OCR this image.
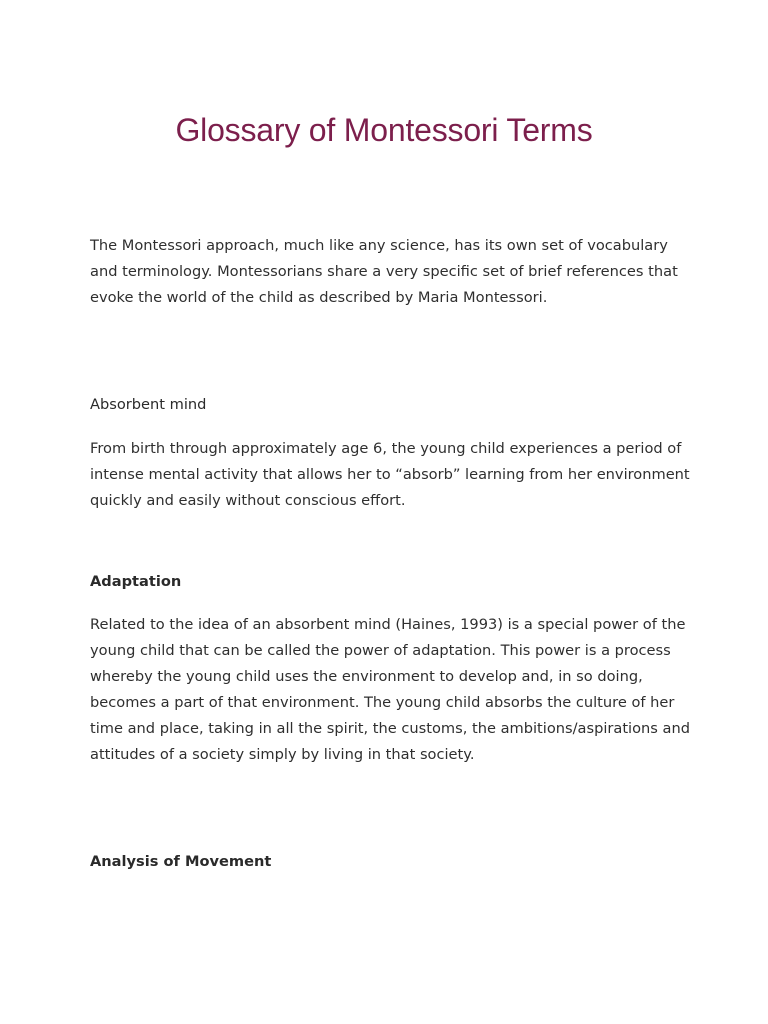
Glossary of Montessori Terms

The Montessori approach, much like any science, has its own set of vocabulary and terminology. Montessorians share a very specific set of brief references that evoke the world of the child as described by Maria Montessori.

Absorbent mind

From birth through approximately age 6, the young child experiences a period of intense mental activity that allows her to “absorb” learning from her environment quickly and easily without conscious effort.

Adaptation

Related to the idea of an absorbent mind (Haines, 1993) is a special power of the young child that can be called the power of adaptation. This power is a process whereby the young child uses the environment to develop and, in so doing, becomes a part of that environment. The young child absorbs the culture of her time and place, taking in all the spirit, the customs, the ambitions/aspirations and attitudes of a society simply by living in that society.

Analysis of Movement
